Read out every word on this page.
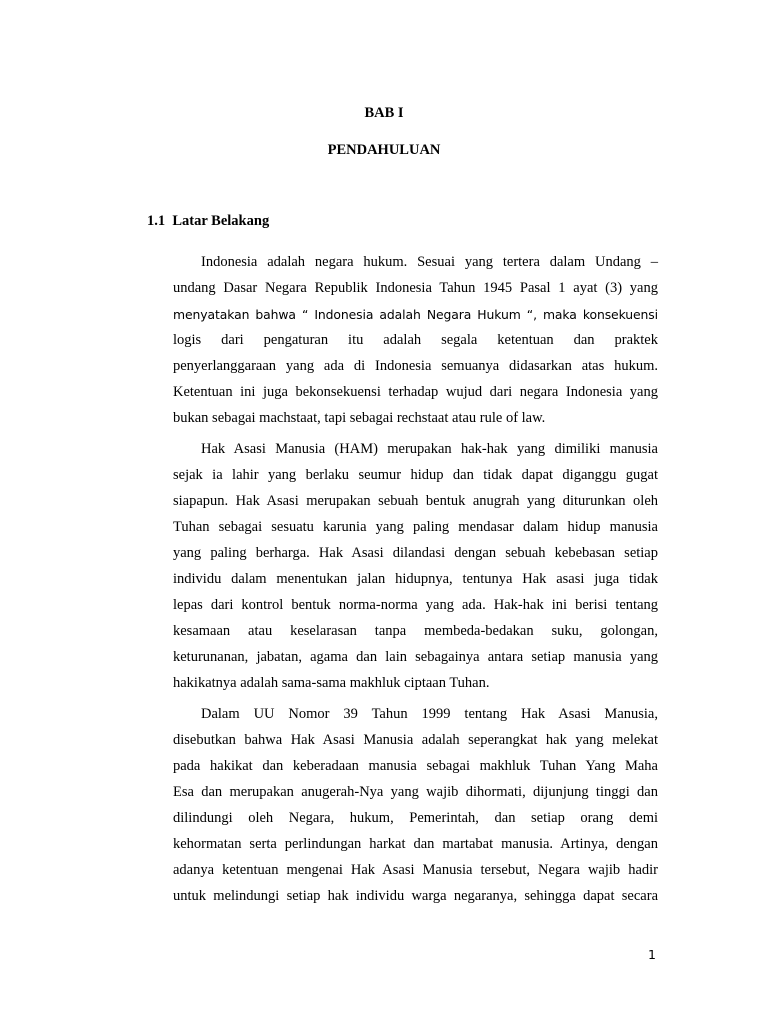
BAB I
PENDAHULUAN
1.1  Latar Belakang
Indonesia adalah negara hukum. Sesuai yang tertera dalam Undang –
undang Dasar Negara Republik Indonesia Tahun 1945 Pasal 1 ayat (3) yang
menyatakan bahwa “ Indonesia adalah Negara Hukum “, maka konsekuensi
logis dari pengaturan itu adalah segala ketentuan dan praktek
penyerlanggaraan yang ada di Indonesia semuanya didasarkan atas hukum.
Ketentuan ini juga bekonsekuensi terhadap wujud dari negara Indonesia yang
bukan sebagai machstaat, tapi sebagai rechstaat atau rule of law.
Hak Asasi Manusia (HAM) merupakan hak-hak yang dimiliki manusia
sejak ia lahir yang berlaku seumur hidup dan tidak dapat diganggu gugat
siapapun. Hak Asasi merupakan sebuah bentuk anugrah yang diturunkan oleh
Tuhan sebagai sesuatu karunia yang paling mendasar dalam hidup manusia
yang paling berharga. Hak Asasi dilandasi dengan sebuah kebebasan setiap
individu dalam menentukan jalan hidupnya, tentunya Hak asasi juga tidak
lepas dari kontrol bentuk norma-norma yang ada. Hak-hak ini berisi tentang
kesamaan atau keselarasan tanpa membeda-bedakan suku, golongan,
keturunanan, jabatan, agama dan lain sebagainya antara setiap manusia yang
hakikatnya adalah sama-sama makhluk ciptaan Tuhan.
Dalam UU Nomor 39 Tahun 1999 tentang Hak Asasi Manusia,
disebutkan bahwa Hak Asasi Manusia adalah seperangkat hak yang melekat
pada hakikat dan keberadaan manusia sebagai makhluk Tuhan Yang Maha
Esa dan merupakan anugerah-Nya yang wajib dihormati, dijunjung tinggi dan
dilindungi oleh Negara, hukum, Pemerintah, dan setiap orang demi
kehormatan serta perlindungan harkat dan martabat manusia. Artinya, dengan
adanya ketentuan mengenai Hak Asasi Manusia tersebut, Negara wajib hadir
untuk melindungi setiap hak individu warga negaranya, sehingga dapat secara
1
